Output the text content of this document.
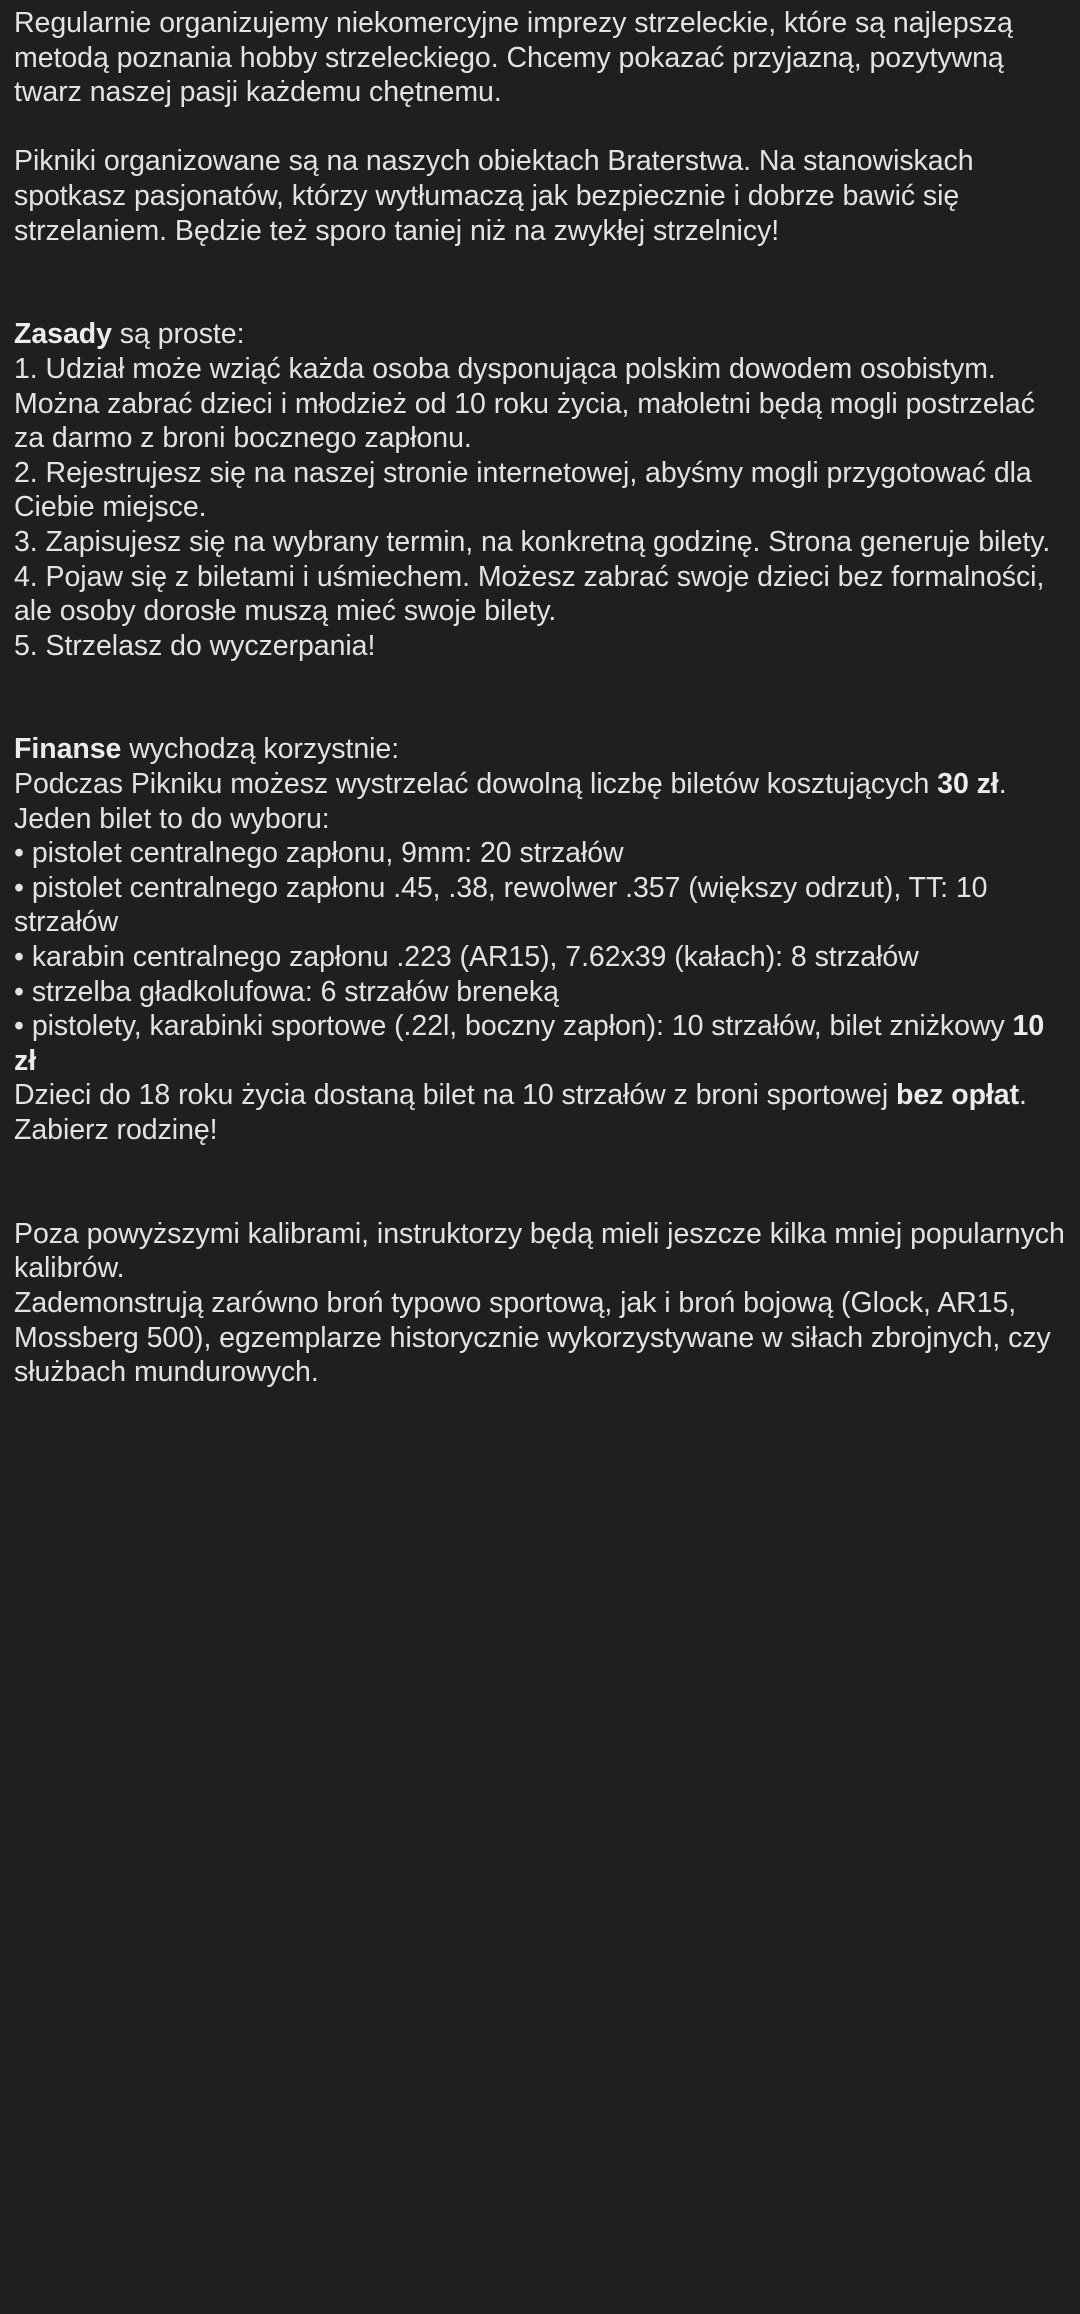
Regularnie organizujemy niekomercyjne imprezy strzeleckie, które są najlepszą metodą poznania hobby strzeleckiego. Chcemy pokazać przyjazną, pozytywną twarz naszej pasji każdemu chętnemu.

Pikniki organizowane są na naszych obiektach Braterstwa. Na stanowiskach spotkasz pasjonatów, którzy wytłumaczą jak bezpiecznie i dobrze bawić się strzelaniem. Będzie też sporo taniej niż na zwykłej strzelnicy!

Zasady są proste:

1. Udział może wziąć każda osoba dysponująca polskim dowodem osobistym. Można zabrać dzieci i młodzież od 10 roku życia, małoletni będą mogli postrzelać za darmo z broni bocznego zapłonu.

2. Rejestrujesz się na naszej stronie internetowej, abyśmy mogli przygotować dla Ciebie miejsce.

3. Zapisujesz się na wybrany termin, na konkretną godzinę. Strona generuje bilety.

4. Pojaw się z biletami i uśmiechem. Możesz zabrać swoje dzieci bez formalności, ale osoby dorosłe muszą mieć swoje bilety.

5. Strzelasz do wyczerpania!

Finanse wychodzą korzystnie:

Podczas Pikniku możesz wystrzelać dowolną liczbę biletów kosztujących 30 zł. Jeden bilet to do wyboru:

• pistolet centralnego zapłonu, 9mm: 20 strzałów

• pistolet centralnego zapłonu .45, .38, rewolwer .357 (większy odrzut), TT: 10 strzałów

• karabin centralnego zapłonu .223 (AR15), 7.62x39 (kałach): 8 strzałów

• strzelba gładkolufowa: 6 strzałów breneką

• pistolety, karabinki sportowe (.22l, boczny zapłon): 10 strzałów, bilet zniżkowy 10 zł

Dzieci do 18 roku życia dostaną bilet na 10 strzałów z broni sportowej bez opłat. Zabierz rodzinę!

Poza powyższymi kalibrami, instruktorzy będą mieli jeszcze kilka mniej popularnych kalibrów.

Zademonstrują zarówno broń typowo sportową, jak i broń bojową (Glock, AR15, Mossberg 500), egzemplarze historycznie wykorzystywane w siłach zbrojnych, czy służbach mundurowych.
